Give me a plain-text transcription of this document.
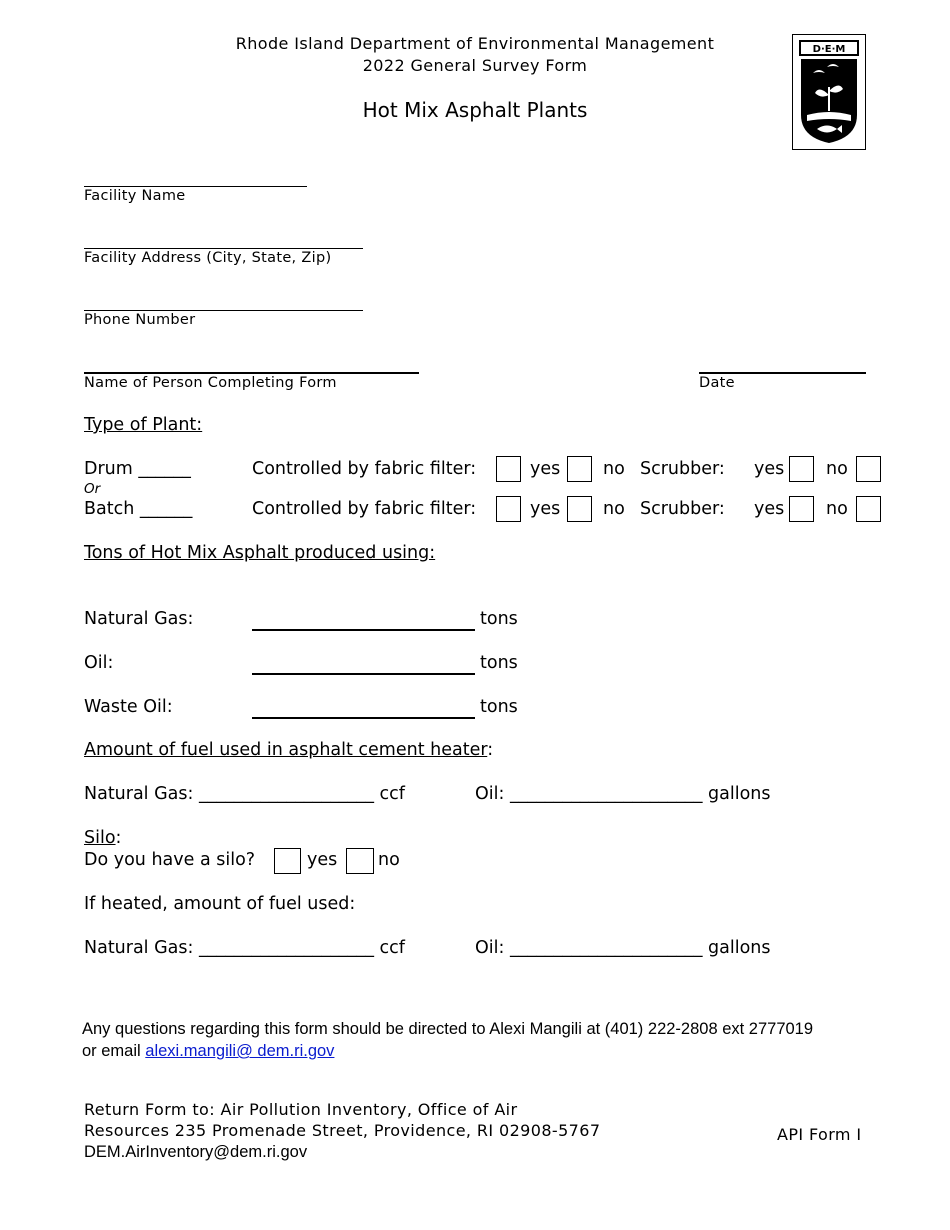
Rhode Island Department of Environmental Management
2022 General Survey Form
Hot Mix Asphalt Plants
D·E·M
Facility Name
Facility Address (City, State, Zip)
Phone Number
Name of Person Completing Form	Date
Type of Plant:
Drum ______	Controlled by fabric filter:	yes no Scrubber: yes no
Or
Batch ______	Controlled by fabric filter:	yes no Scrubber: yes no
Tons of Hot Mix Asphalt produced using:
Natural Gas:	tons
Oil:	tons
Waste Oil:	tons
Amount of fuel used in asphalt cement heater:
Natural Gas: ____________________ ccf	Oil: ______________________ gallons
Silo:
Do you have a silo?	yes no
If heated, amount of fuel used:
Natural Gas: ____________________ ccf	Oil: ______________________ gallons
Any questions regarding this form should be directed to Alexi Mangili at (401) 222-2808 ext 2777019
or email alexi.mangili@ dem.ri.gov
Return Form to: Air Pollution Inventory, Office of Air
Resources 235 Promenade Street, Providence, RI 02908-5767
DEM.AirInventory@dem.ri.gov
API Form I
